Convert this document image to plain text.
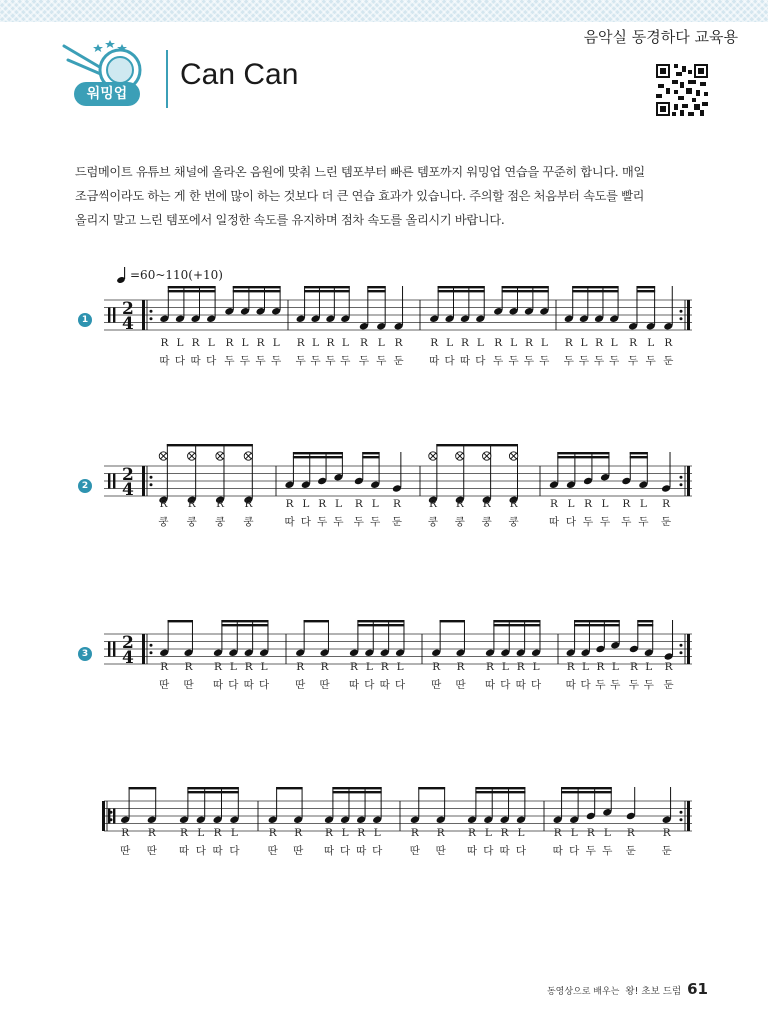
음악실 동경하다 교육용
워밍업
Can Can

드럼메이트 유튜브 채널에 올라온 음원에 맞춰 느린 템포부터 빠른 템포까지 워밍업 연습을 꾸준히 합니다. 매일

조금씩이라도 하는 게 한 번에 많이 하는 것보다 더 큰 연습 효과가 있습니다. 주의할 점은 처음부터 속도를 빨리

올리지 말고 느린 템포에서 일정한 속도를 유지하며 점차 속도를 올리시기 바랍니다.

=60~110(+10)
1
2
4
R L R L	R L R L
따 다 따 다 두 두 두 두
R L R L	R L R
두 두 두 두 두 두 둔
R L R L R L R L
따 다 따 다 두 두 두 두
R L R L	R L R
두 두 두 두 두 두 둔
2
2
4
R R R R
쿵 쿵 쿵 쿵
R L R L	R L	R
따 다 두 두 두 두 둔
R R R R
쿵 쿵 쿵 쿵
R L R L	R L	R
따 다 두 두 두 두 둔
3
2
4	R R R L R L
딴 딴 따 다 따 다
R R R L R L
딴 딴 따 다 따 다
R R R L R L
딴 딴 따 다 따 다
R L R L	R L	R
따 다 두 두 두 두 둔
R R R L R L
딴 딴 따 다 따 다
R R R L R L
딴 딴 따 다 따 다
R R R L R L
딴 딴 따 다 따 다
R L R L	R	R
따 다 두 두 둔 둔
동영상으로 배우는 왕! 초보 드럼 61
